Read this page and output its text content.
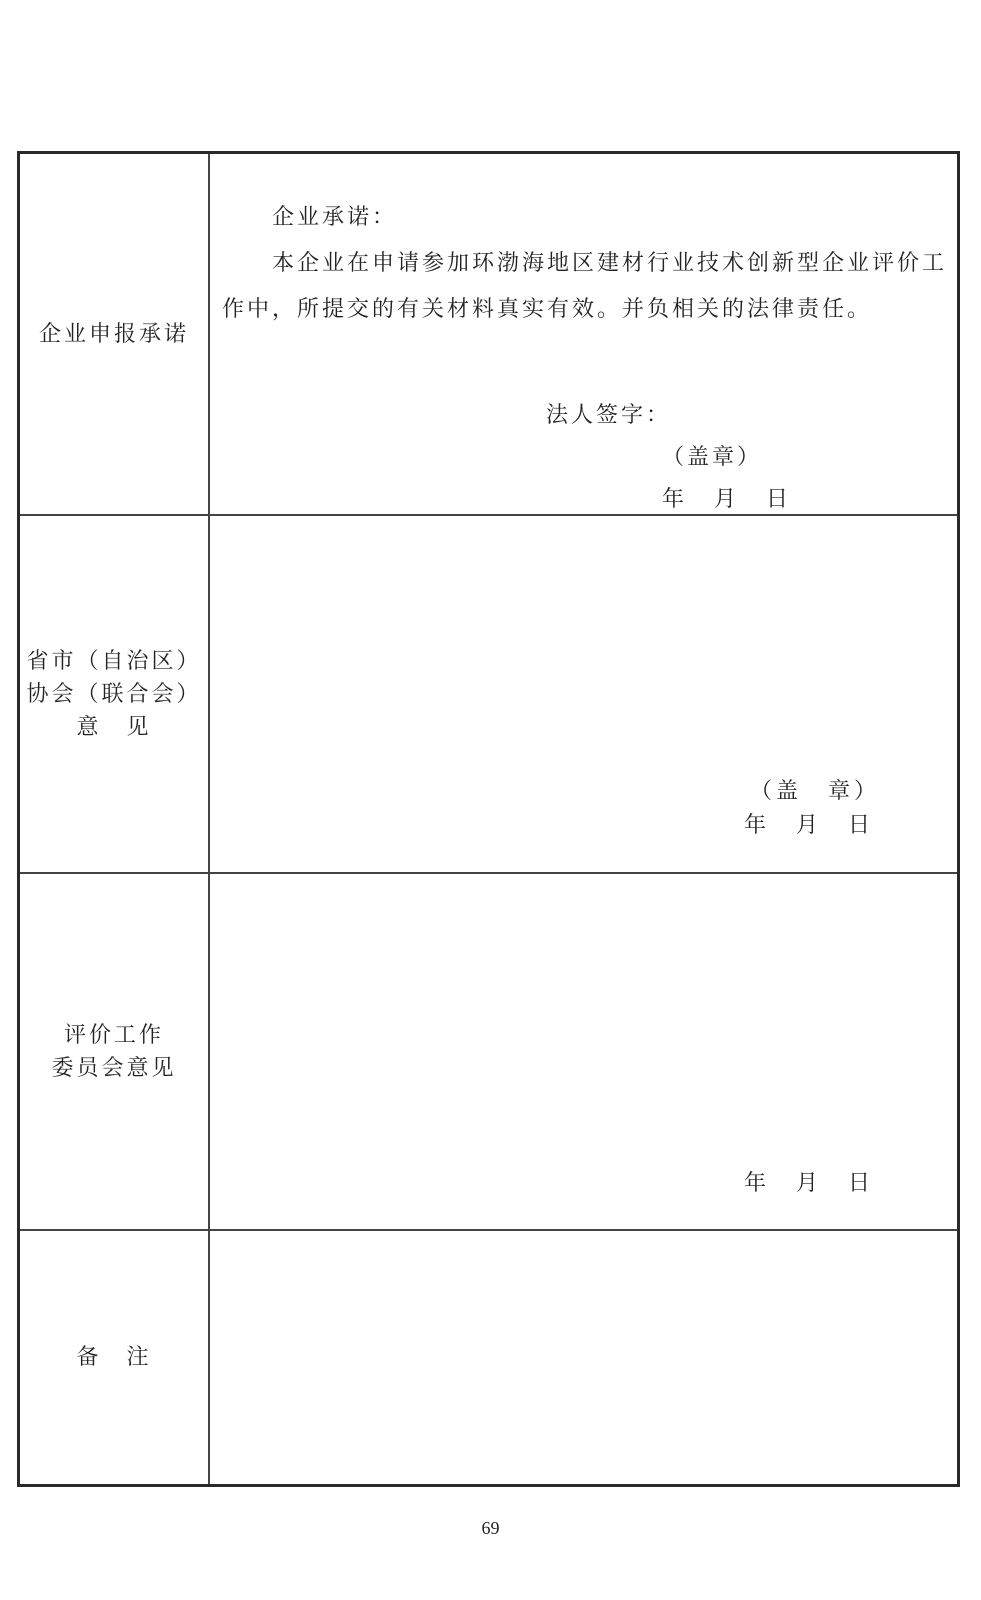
企业申报承诺
企业承诺：
本企业在申请参加环渤海地区建材行业技术创新型企业评价工
作中，所提交的有关材料真实有效。并负相关的法律责任。
法人签字：
（盖章）
年　月　日
省市（自治区）
协会（联合会）
意　见
（盖　章）
年　月　日
评价工作
委员会意见
年　月　日
备　注
69
